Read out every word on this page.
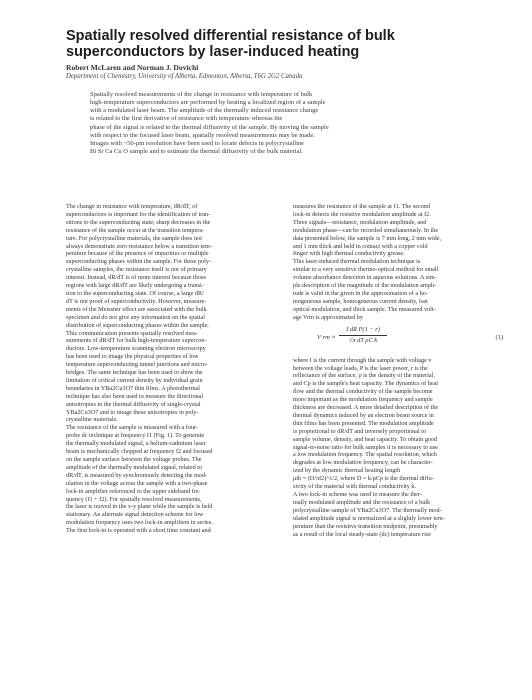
Spatially resolved differential resistance of bulk superconductors by laser-induced heating
Robert McLaren and Norman J. Dovichi
Department of Chemistry, University of Alberta, Edmonton, Alberta, T6G 2G2 Canada
Spatially resolved measurements of the change in resistance with temperature of bulk
high-temperature superconductors are performed by heating a localized region of a sample
with a modulated laser beam. The amplitude of the thermally induced resistance change
is related to the first derivative of resistance with temperature whereas the
phase of the signal is related to the thermal diffusivity of the sample. By moving the sample
with respect to the focused laser beam, spatially resolved measurements may be made.
Images with ~50-μm resolution have been used to locate defects in polycrystalline
Bi Sr Ca Cu O sample and to estimate the thermal diffusivity of the bulk material.
The change in resistance with temperature, dR/dT, of
superconductors is important for the identification of tran-
sitions to the superconducting state; sharp decreases in the
resistance of the sample occur at the transition tempera-
ture. For polycrystalline materials, the sample does not
always demonstrate zero resistance below a transition tem-
perature because of the presence of impurities or multiple
superconducting phases within the sample. For these poly-
crystalline samples, the resistance itself is not of primary
interest. Instead, dR/dT is of more interest because those
regions with large dR/dT are likely undergoing a transi-
tion to the superconducting state. Of course, a large dR/
dT is not proof of superconductivity. However, measure-
ments of the Meissner effect are associated with the bulk
specimen and do not give any information on the spatial
distribution of superconducting phases within the sample.
This communication presents spatially resolved mea-
surements of dR/dT for bulk high-temperature supercon-
ductors. Low-temperature scanning electron microscopy
has been used to image the physical properties of low
temperature superconducting tunnel junctions and micro-
bridges. The same technique has been used to show the
limitation of critical current density by individual grain
boundaries in YBa2Cu3O7 thin films. A photothermal
technique has also been used to measure the directional
anisotropies in the thermal diffusivity of single-crystal
YBa2Cu3O7 and to image these anisotropies in poly-
crystalline materials.
The resistance of the sample is measured with a four-
probe dc technique at frequency f1 (Fig. 1). To generate
the thermally modulated signal, a helium-cadmium laser
beam is mechanically chopped at frequency f2 and focused
on the sample surface between the voltage probes. The
amplitude of the thermally modulated signal, related to
dR/dT, is measured by synchronously detecting the mod-
ulation in the voltage across the sample with a two-phase
lock-in amplifier referenced to the upper sideband fre-
quency (f1 + f2). For spatially resolved measurements,
the laser is moved in the x-y plane while the sample is held
stationary. An alternate signal detection scheme for low
modulation frequency uses two lock-in amplifiers in series.
The first lock-in is operated with a short time constant and
measures the resistance of the sample at f1. The second
lock-in detects the resistive modulation amplitude at f2.
Three signals—resistance, modulation amplitude, and
modulation phase—can be recorded simultaneously. In the
data presented below, the sample is 7 mm long, 2 mm wide,
and 1 mm thick and held in contact with a copper cold
finger with high thermal conductivity grease.
This laser-induced thermal modulation technique is
similar to a very sensitive thermo-optical method for small
volume absorbance detection in aqueous solutions. A sim-
ple description of the magnitude of the modulation ampli-
tude is valid in the given in the approximation of a ho-
mogeneous sample, homogeneous current density, fast
optical modulation, and thick sample. The measured volt-
age Vrm is approximated by
V rm ≈ $\frac{\text{I dR P(1 − r)}}{\text{√π dT ρC k}}$	(1)
where I is the current through the sample with voltage v
between the voltage leads, P is the laser power, r is the
reflectance of the surface, ρ is the density of the material,
and Cp is the sample's heat capacity. The dynamics of heat
flow and the thermal conductivity of the sample become
more important as the modulation frequency and sample
thickness are decreased. A more detailed description of the
thermal dynamics induced by an electron beam source in
thin films has been presented. The modulation amplitude
is proportional to dR/dT and inversely proportional to
sample volume, density, and heat capacity. To obtain good
signal-to-noise ratio for bulk samples it is necessary to use
a low modulation frequency. The spatial resolution, which
degrades at low modulation frequency, can be character-
ized by the dynamic thermal heating length
μth = (D/πf2)^1/2, where D = k/ρCp is the thermal diffu-
sivity of the material with thermal conductivity k.
A two lock-in scheme was used to measure the ther-
mally modulated amplitude and the resistance of a bulk
polycrystalline sample of YBa2Cu3O7. The thermally mod-
ulated amplitude signal is normalized at a slightly lower tem-
perature than the resistive transition midpoint, presumably
as a result of the local steady-state (dc) temperature rise
